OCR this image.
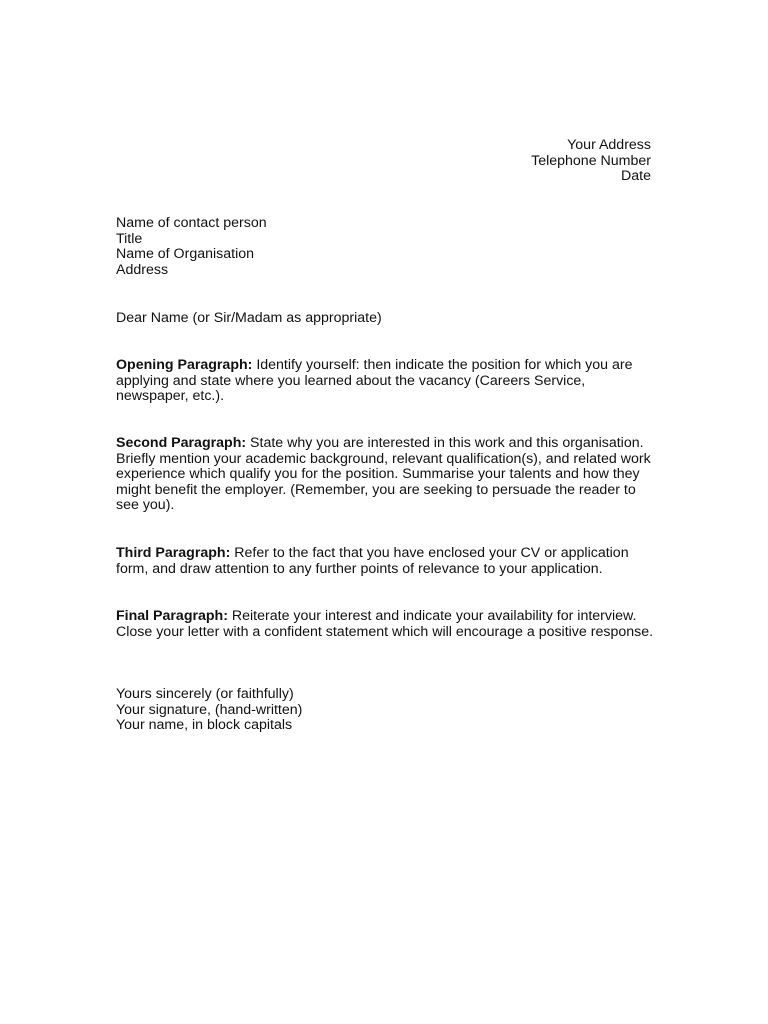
Your Address
Telephone Number
Date
Name of contact person
Title
Name of Organisation
Address
Dear Name (or Sir/Madam as appropriate)

Opening Paragraph: Identify yourself: then indicate the position for which you are applying and state where you learned about the vacancy (Careers Service, newspaper, etc.).

Second Paragraph: State why you are interested in this work and this organisation. Briefly mention your academic background, relevant qualification(s), and related work experience which qualify you for the position. Summarise your talents and how they might benefit the employer. (Remember, you are seeking to persuade the reader to see you).

Third Paragraph: Refer to the fact that you have enclosed your CV or application form, and draw attention to any further points of relevance to your application.

Final Paragraph: Reiterate your interest and indicate your availability for interview. Close your letter with a confident statement which will encourage a positive response.

Yours sincerely (or faithfully)
Your signature, (hand-written)
Your name, in block capitals
